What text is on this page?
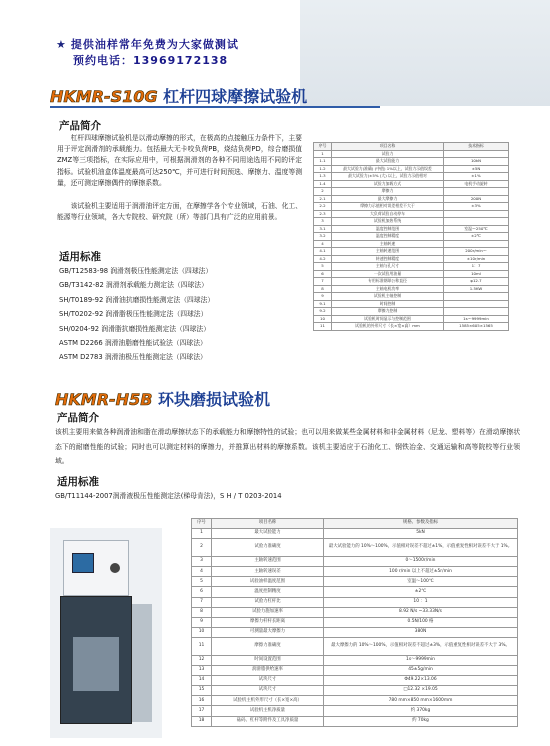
★ 提供油样常年免费为大家做测试
预约电话：13969172138
HKMR-S10G 杠杆四球摩擦试验机
产品简介
杠杆四球摩擦试验机是以滑动摩擦的形式，在极高的点接触压力条件下，主要用于评定润滑剂的承载能力。包括最大无卡咬负荷PB，烧结负荷PD，综合磨损值ZMZ等三项指标，在实际应用中，可根据润滑剂的各种不同用途选用不同的评定指标。试验机油盒体温度最高可达250℃，并可进行时间预选、摩擦力、温度等测量，还可测定摩擦偶件的摩擦系数。
该试验机主要适用于润滑油评定方面，在摩擦学各个专业领域，石油、化工、能源等行业领域，各大专院校、研究院（所）等部门具有广泛的应用前景。
适用标准
GB/T12583-98 润滑剂极压性能测定法（四球法）
GB/T3142-82 润滑剂承载能力测定法（四球法）
SH/T0189-92 润滑油抗磨损性能测定法（四球法）
SH/T0202-92 润滑脂极压性能测定法（四球法）
SH/0204-92 润滑脂抗磨损性能测定法（四球法）
ASTM D2266 润滑油脂磨性能试验法（四球法）
ASTM D2783 润滑油极压性能测定法（四球法）
序号	项目名称	技术指标
1	试验力	
1.1	最大试验能力	10kN
1.2	最大试验力(准确) (中值) 1%以上，试验力示值误差	±5N
1.3	最大试验力(±5% (大) 以上，试验力示值相对	±1%
1.4	试验力加载方式	电机手动旋转
2	摩擦力	
2.1	最大摩擦力	200N
2.2	摩擦力示值相对误差相差不大于	±3%
2.3	大负荷试验自动停车	
3	试验机加热系统	
3.1	温度控制范围	室温～250℃
3.2	温度控制精度	±2℃
4	主轴转速	
4.1	主轴转速范围	200r/min～
4.2	转速控制精度	±10r/min
5	主轴与孔尺寸	1：7
6	一次试验用油量	10ml
7	专用标准钢球公称直径	φ12.7
8	主轴电机功率	1.5KW
9	试验机主轴控制	
9.1	时间控制	
9.2	摩擦力控制	
10	试验机时间显示与控制范围	1s～9999min
11	试验机的外形尺寸（长×宽×高）mm	1585×605×1565
HKMR-H5B 环块磨损试验机
产品简介
该机主要用来做各种润滑油和脂在滑动摩擦状态下的承载能力和摩擦特性的试验；也可以用来做某些金属材料和非金属材料（尼龙、塑料等）在滑动摩擦状态下的耐磨性能的试验；同时也可以测定材料的摩擦力，并推算出材料的摩擦系数。该机主要适应于石油化工、钢铁冶金、交通运输和高等院校等行业领域。
适用标准
GB/T11144-2007润滑液极压性能测定法(梯母肯法)，S H / T 0203-2014
序号	项目名称	规格、参数及指标
1	最大试验能力	5kN
2	试验力准确度	最大试验能力的 10%～100%，示值相对误差不超过±1%，示值重复性相对误差不大于 1%。
3	主轴转速范围	0～1500r/min
4	主轴转速误差	100 r/min 以上不超过±5r/min
5	试验油样温度范围	室温～100℃
6	温度控制精度	±2℃
7	试验力杠杆比	10 ：1
8	试验力施加速率	8.92 N/s ~33.33N/s
9	摩擦力杆杆长距离	0.5N/100 格
10	可测量最大摩擦力	380N
11	摩擦力准确度	最大摩擦力的 10%～100%，示值相对误差不超过±3%，示值重复性相对误差不大于 3%。
12	时间设置范围	1s～9999min
13	润滑脂供给速率	45±5g/min
14	试块尺寸	Φ49.22×13.06
15	试块尺寸	□12.32 ×19.05
16	试验机主机外形尺寸（长×宽×高）	780 mm×850 mm×1600mm
17	试验机主机净质量	约 370kg
18	砝码、杠杆等附件及工具净质量	约 70kg
